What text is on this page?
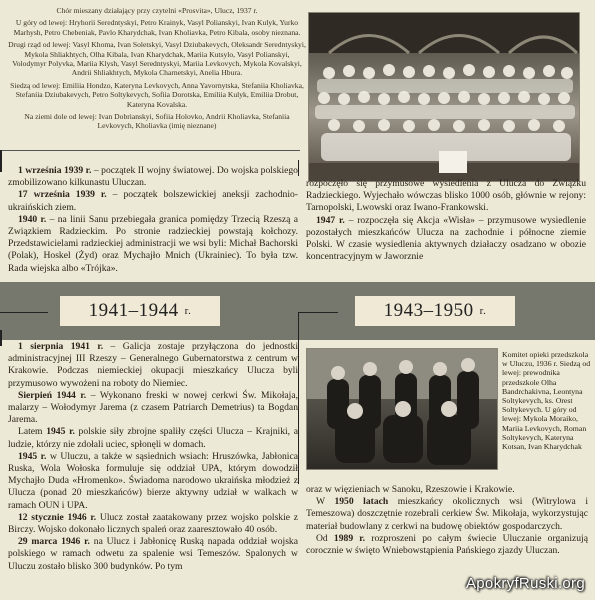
Chór mieszany działający przy czytelni «Prosvita», Ulucz, 1937 r.

U góry od lewej: Hryhorii Seredntyskyi, Petro Krainyk, Vasyl Polianskyi, Ivan Kulyk, Yurko Marhysh, Petro Chebeniak, Pavlo Kharydchak, Ivan Kholiavka, Petro Kibala, osoby nieznana.

Drugi rząd od lewej: Vasyl Khoma, Ivan Soletskyi, Vasyl Dziubakevych, Oleksandr Seredntyskyi, Mykola Shliakhtych, Olha Kibala, Ivan Kharydchak, Mariia Kutsylo, Vasyl Polianskyi, Volodymyr Polyvka, Mariia Klysh, Vasyl Seredntyskyi, Mariia Levkovych, Mykola Kovalskyi, Andrii Shliakhtych, Mykola Charnetskyi, Anelia Hbura.

Siedzą od lewej: Emiliia Hondzo, Kateryna Levkovych, Anna Yavornytska, Stefaniia Kholiavka, Stefaniia Dziubakevych, Petro Soltykevych, Sofiia Dorotska, Emiliia Kulyk, Emiliia Drobut, Kateryna Kovalska.

Na ziemi dole od lewej: Ivan Dobrianskyi, Sofiia Holovko, Andrii Kholiavka, Stefaniia Levkovych, Kholiavka (imię nieznane)

1 września 1939 r. – początek II wojny światowej. Do wojska polskiego zmobilizowano kilkunastu Uluczan.

17 września 1939 r. – początek bolszewickiej aneksji zachodnio-ukraińskich ziem.

1940 r. – na linii Sanu przebiegała granica pomiędzy Trzecią Rzeszą a Związkiem Radzieckim. Po stronie radzieckiej powstają kołchozy. Przedstawicielami radzieckiej administracji we wsi byli: Michał Bachorski (Polak), Hoskel (Żyd) oraz Mychajło Mnich (Ukrainiec). To była tzw. Rada wiejska albo «Trójka».

rozpoczęło się przymusowe wysiedlenia z Ulucza do Związku Radzieckiego. Wyjechało wówczas blisko 1000 osób, głównie w rejony: Tarnopolski, Lwowski oraz Iwano-Frankowski.

1947 r. – rozpoczęła się Akcja «Wisła» – przymusowe wysiedlenie pozostałych mieszkańców Ulucza na zachodnie i północne ziemie Polski. W czasie wysiedlenia aktywnych działaczy osadzano w obozie koncentracyjnym w Jaworznie

1941–1944 r.	1943–1950 r.

1 sierpnia 1941 r. – Galicja zostaje przyłączona do jednostki administracyjnej III Rzeszy – Generalnego Gubernatorstwa z centrum w Krakowie. Podczas niemieckiej okupacji mieszkańcy Ulucza byli przymusowo wywożeni na roboty do Niemiec.

Sierpień 1944 r. – Wykonano freski w nowej cerkwi Św. Mikołaja, malarzy – Wołodymyr Jarema (z czasem Patriarch Demetrius) ta Bogdan Jarema.

Latem 1945 r. polskie siły zbrojne spaliły części Ulucza – Krajniki, a ludzie, którzy nie zdołali uciec, spłonęli w domach.

1945 r. w Uluczu, a także w sąsiednich wsiach: Hruszówka, Jabłonica Ruska, Wola Wołoska formuluje się oddział UPA, którym dowodził Mychajło Duda «Hromenko». Świadoma narodowo ukraińska młodzież z Ulucza (ponad 20 mieszkańców) bierze aktywny udział w walkach w ramach OUN i UPA.

12 stycznie 1946 r. Ulucz został zaatakowany przez wojsko polskie z Birczy. Wojsko dokonało licznych spaleń oraz zaaresztowało 40 osób.

29 marca 1946 r. na Ulucz i Jabłonicę Ruską napada oddział wojska polskiego w ramach odwetu za spalenie wsi Temeszów. Spalonych w Uluczu zostało blisko 300 budynków. Po tym

Komitet opieki przedszkola w Uluczu, 1936 r. Siedzą od lewej: prewodnika przedszkole Olha Bandrchakivna, Leontyna Soltykevych, ks. Orest Soltykevych. U góry od lewej: Mykola Moraiko, Mariia Levkovych, Roman Soltykevych, Kateryna Kotsan, Ivan Kharydchak

oraz w więzieniach w Sanoku, Rzeszowie i Krakowie.

W 1950 latach mieszkańcy okolicznych wsi (Witrylowa i Temeszowa) doszczętnie rozebrali cerkiew Św. Mikołaja, wykorzystując materiał budowlany z cerkwi na budowę obiektów gospodarczych.

Od 1989 r. rozproszeni po całym świecie Uluczanie organizują corocznie w święto Wniebowstąpienia Pańskiego zjazdy Uluczan.

ApokryfRuski.org
